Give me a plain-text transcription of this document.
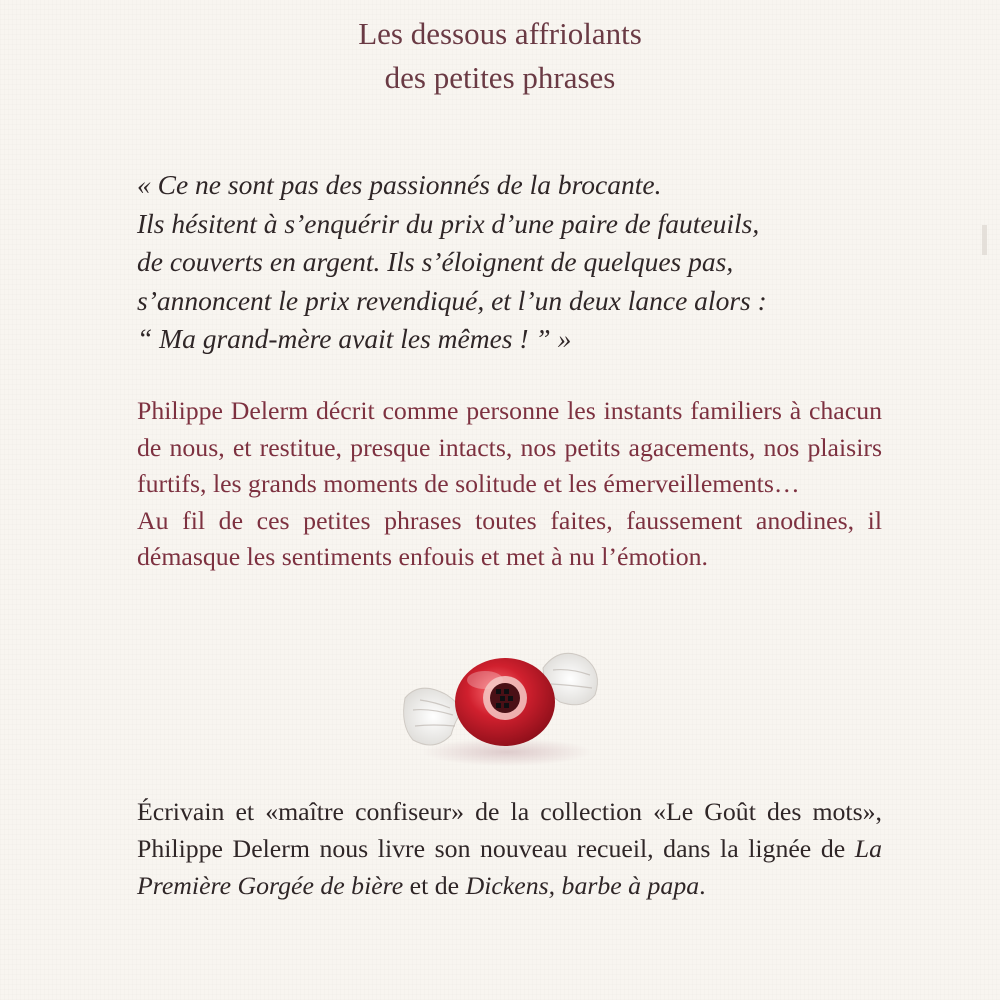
Les dessous affriolants
des petites phrases
« Ce ne sont pas des passionnés de la brocante.
Ils hésitent à s’enquérir du prix d’une paire de fauteuils,
de couverts en argent. Ils s’éloignent de quelques pas,
s’annoncent le prix revendiqué, et l’un deux lance alors :
“ Ma grand-mère avait les mêmes ! ” »

Philippe Delerm décrit comme personne les instants familiers à chacun de nous, et restitue, presque intacts, nos petits agacements, nos plaisirs furtifs, les grands moments de solitude et les émerveillements…

Au fil de ces petites phrases toutes faites, faussement anodines, il démasque les sentiments enfouis et met à nu l’émotion.

Écrivain et «maître confiseur» de la collection «Le Goût des mots», Philippe Delerm nous livre son nouveau recueil, dans la lignée de La Première Gorgée de bière et de Dickens, barbe à papa.
